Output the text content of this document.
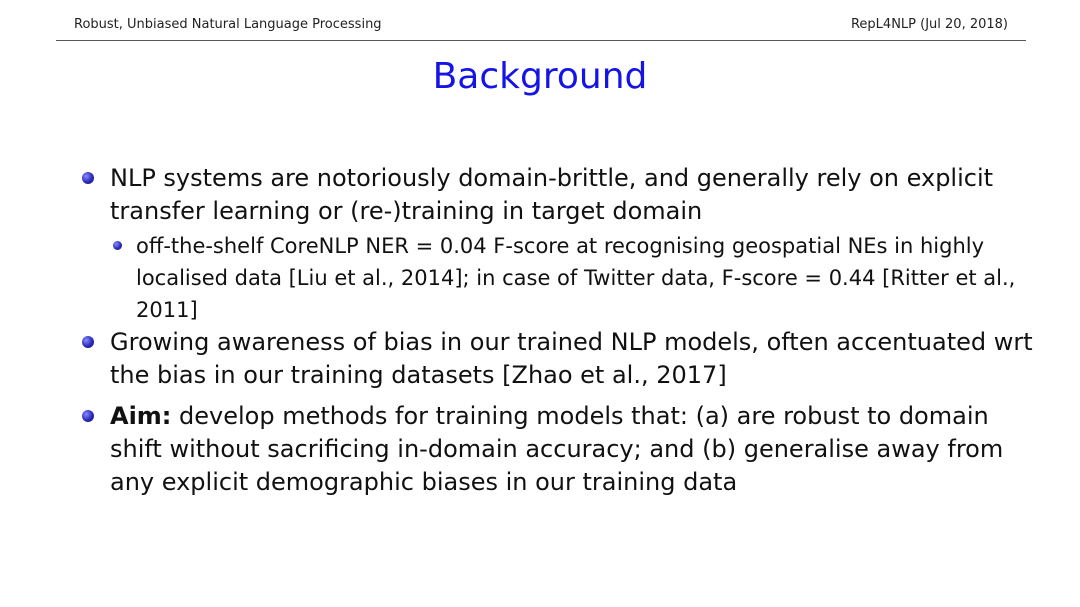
Robust, Unbiased Natural Language Processing	RepL4NLP (Jul 20, 2018)
Background
NLP systems are notoriously domain-brittle, and generally rely on explicit transfer learning or (re-)training in target domain
off-the-shelf CoreNLP NER = 0.04 F-score at recognising geospatial NEs in highly localised data [Liu et al., 2014]; in case of Twitter data, F-score = 0.44 [Ritter et al., 2011]
Growing awareness of bias in our trained NLP models, often accentuated wrt the bias in our training datasets [Zhao et al., 2017]
Aim: develop methods for training models that: (a) are robust to domain shift without sacrificing in-domain accuracy; and (b) generalise away from any explicit demographic biases in our training data
